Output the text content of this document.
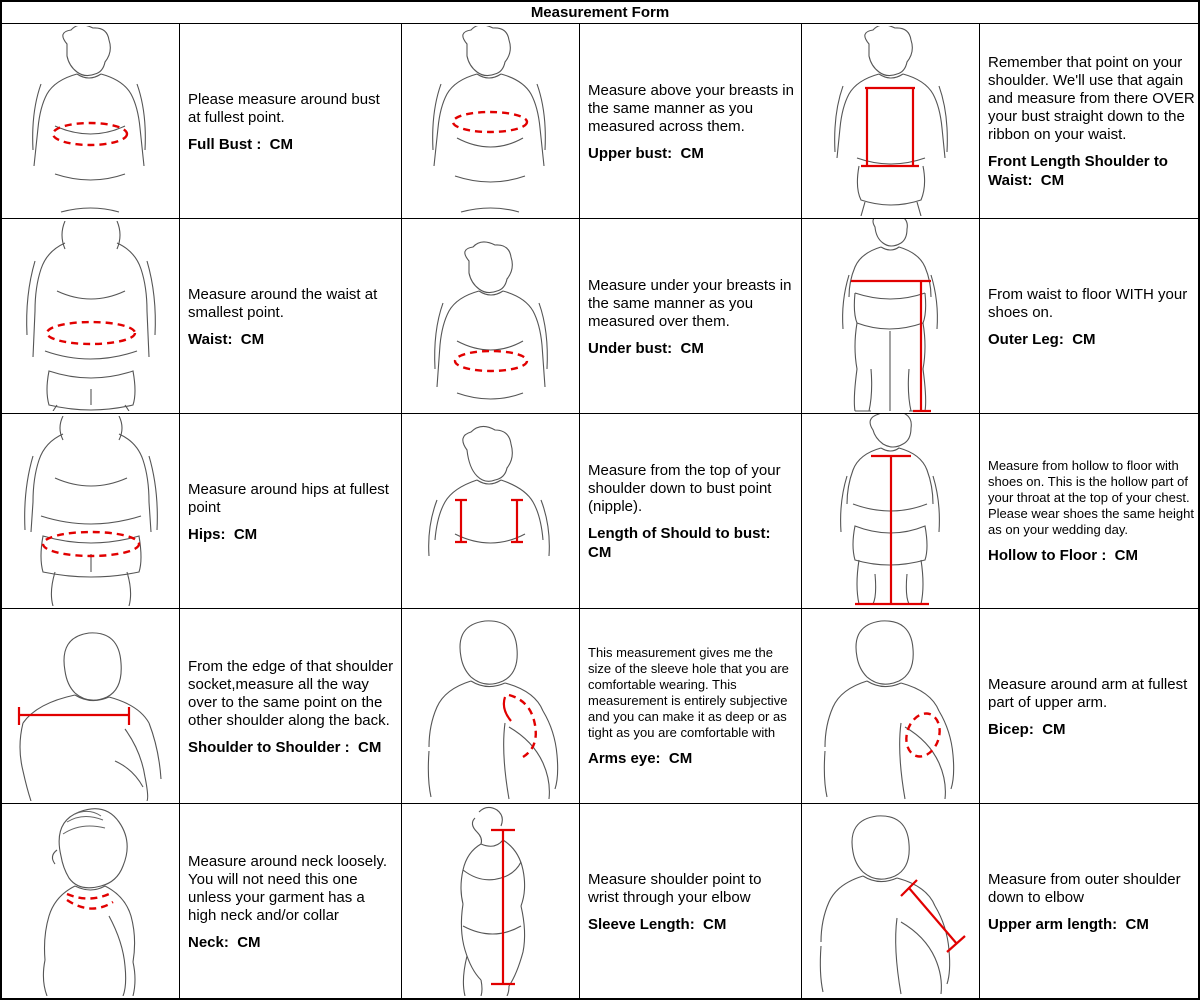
Measurement Form

Please measure around bust at fullest point.

Full Bust : CM

Measure above your breasts in the same manner as you measured across them.

Upper bust: CM

Remember that point on your shoulder. We'll use that again and measure from there OVER your bust straight down to the ribbon on your waist.

Front Length Shoulder to Waist: CM

Measure around the waist at smallest point.

Waist: CM

Measure under your breasts in the same manner as you measured over them.

Under bust: CM

From waist to floor WITH your shoes on.

Outer Leg: CM

Measure around hips at fullest point

Hips: CM

Measure from the top of your shoulder down to bust point (nipple).

Length of Should to bust:  CM

Measure from hollow to floor with shoes on. This is the hollow part of your throat at the top of your chest. Please wear shoes the same height as on your wedding day.

Hollow to Floor : CM

From the edge of that shoulder socket,measure all the way over to the same point on the other shoulder along the back.

Shoulder to Shoulder : CM

This measurement gives me the size of the sleeve hole that you are comfortable wearing. This measurement is entirely subjective and you can make it as deep or as tight as you are comfortable with

Arms eye: CM

Measure around arm at fullest part of upper arm.

Bicep: CM

Measure around neck loosely. You will not need this one unless your garment has a high neck and/or collar

Neck: CM

Measure shoulder point to wrist through your elbow

Sleeve Length: CM

Measure from outer shoulder down to elbow

Upper arm length: CM
